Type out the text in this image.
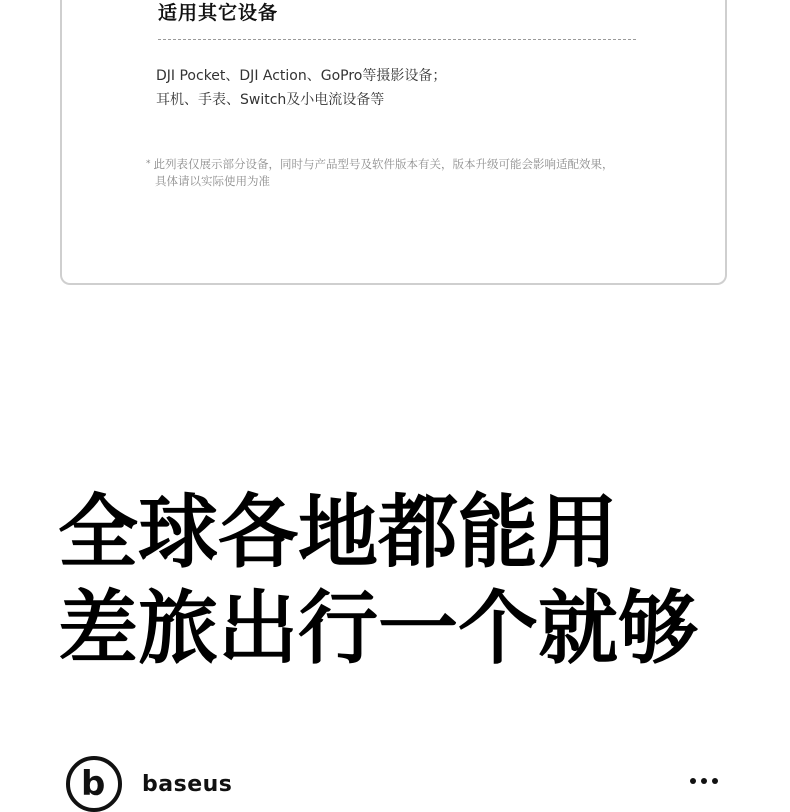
适用其它设备
DJI Pocket、DJI Action、GoPro等摄影设备；
耳机、手表、Switch及小电流设备等
* 此列表仅展示部分设备，同时与产品型号及软件版本有关，版本升级可能会影响适配效果，
具体请以实际使用为准
全球各地都能用
差旅出行一个就够
b baseus
